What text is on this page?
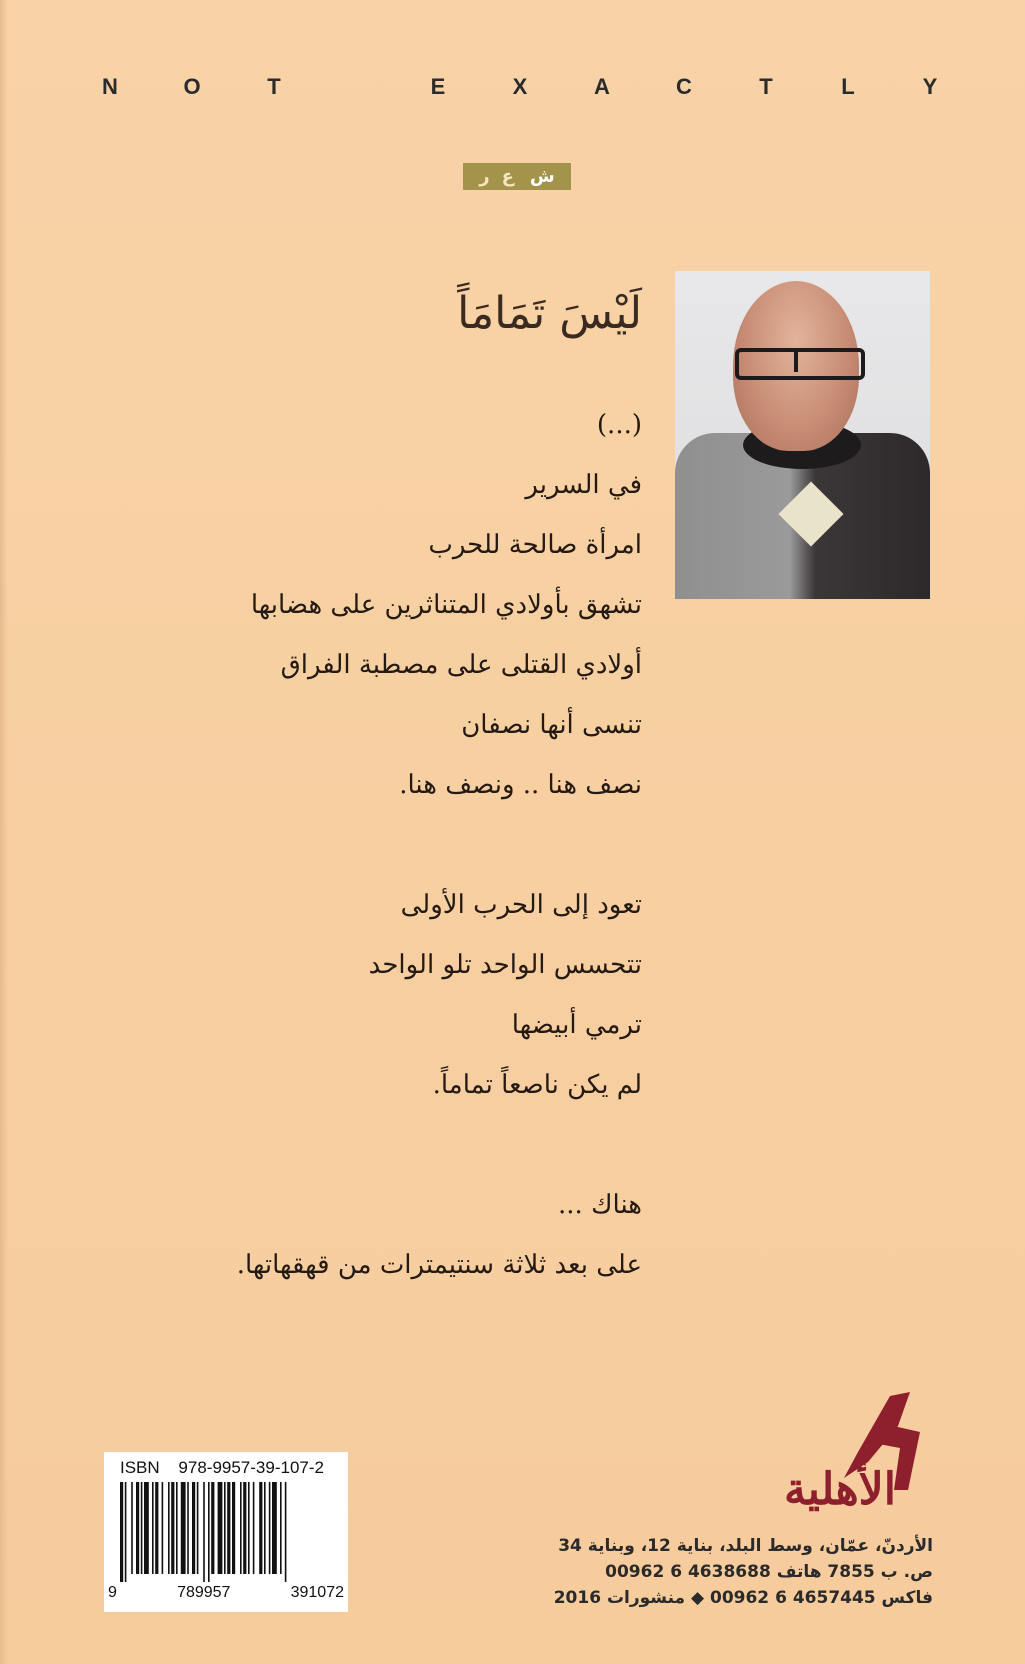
N	O	T	E	X	A	C	T	L	Y
ش
ع
ر
لَيْسَ تَمَامَاً
(...)
في السرير
امرأة صالحة للحرب
تشهق بأولادي المتناثرين على هضابها
أولادي القتلى على مصطبة الفراق
تنسى أنها نصفان
نصف هنا .. ونصف هنا.
تعود إلى الحرب الأولى
تتحسس الواحد تلو الواحد
ترمي أبيضها
لم يكن ناصعاً تماماً.
هناك ...
على بعد ثلاثة سنتيمترات من قهقهاتها.
الأهلية
الأردنّ، عمّان، وسط البلد، بناية 12، وبناية 34
ص. ب 7855 هاتف 4638688 6 00962
فاكس 4657445 6 00962 ◆ منشورات 2016
ISBN 978-9957-39-107-2
9	789957	391072
